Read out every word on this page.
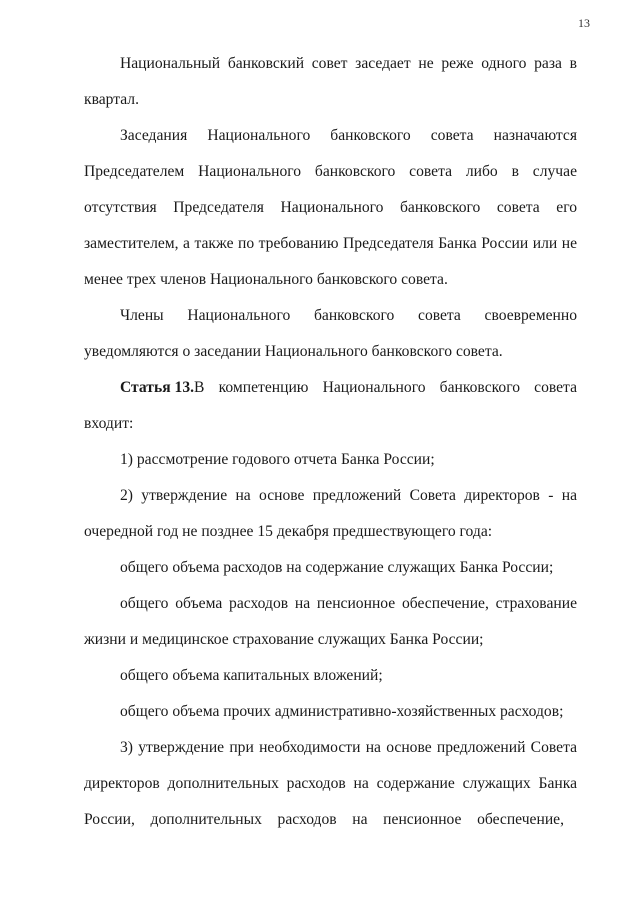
13
Национальный банковский совет заседает не реже одного раза в
квартал.
Заседания Национального банковского совета назначаются
Председателем Национального банковского совета либо в случае
отсутствия Председателя Национального банковского совета его
заместителем, а также по требованию Председателя Банка России или не
менее трех членов Национального банковского совета.
Члены Национального банковского совета своевременно
уведомляются о заседании Национального банковского совета.
Статья 13. В компетенцию Национального банковского совета
входит:
1) рассмотрение годового отчета Банка России;
2) утверждение на основе предложений Совета директоров - на
очередной год не позднее 15 декабря предшествующего года:
общего объема расходов на содержание служащих Банка России;
общего объема расходов на пенсионное обеспечение, страхование
жизни и медицинское страхование служащих Банка России;
общего объема капитальных вложений;
общего объема прочих административно-хозяйственных расходов;
3) утверждение при необходимости на основе предложений Совета
директоров дополнительных расходов на содержание служащих Банка
России, дополнительных расходов на пенсионное обеспечение,
